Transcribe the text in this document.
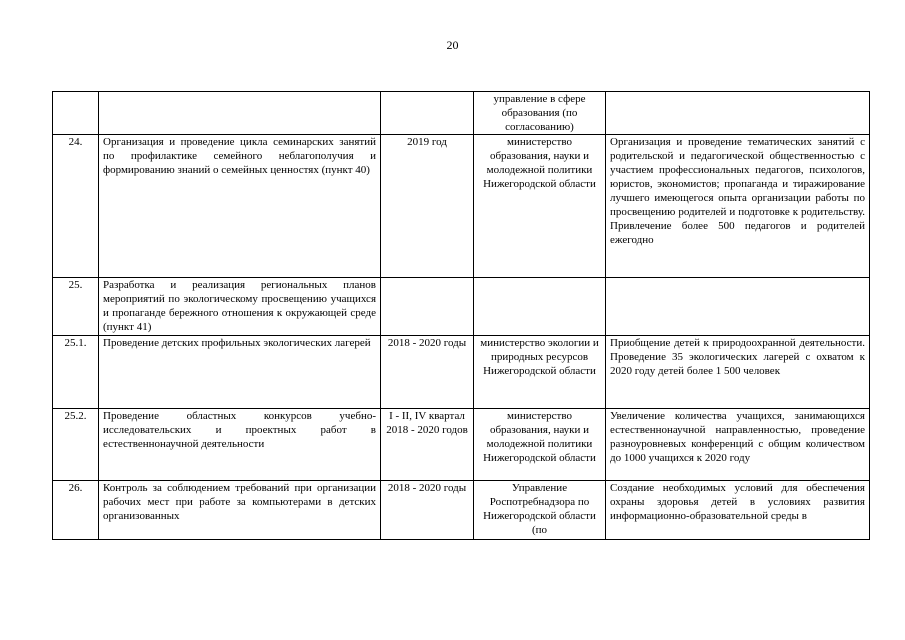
20
			управление в сфере образования (по согласованию)	
24.	Организация и проведение цикла семинарских занятий по профилактике семейного неблагополучия и формированию знаний о семейных ценностях (пункт 40)	2019 год	министерство образования, науки и молодежной политики Нижегородской области	Организация и проведение тематических занятий с родительской и педагогической общественностью с участием профессиональных педагогов, психологов, юристов, экономистов; пропаганда и тиражирование лучшего имеющегося опыта организации работы по просвещению родителей и подготовке к родительству. Привлечение более 500 педагогов и родителей ежегодно
25.	Разработка и реализация региональных планов мероприятий по экологическому просвещению учащихся и пропаганде бережного отношения к окружающей среде (пункт 41)			
25.1.	Проведение детских профильных экологических лагерей	2018 - 2020 годы	министерство экологии и природных ресурсов Нижегородской области	Приобщение детей к природоохранной деятельности. Проведение 35 экологических лагерей с охватом к 2020 году детей более 1 500 человек
25.2.	Проведение областных конкурсов учебно-исследовательских и проектных работ в естественнонаучной деятельности	I - II, IV квартал 2018 - 2020 годов	министерство образования, науки и молодежной политики Нижегородской области	Увеличение количества учащихся, занимающихся естественнонаучной направленностью, проведение разноуровневых конференций с общим количеством до 1000 учащихся к 2020 году
26.	Контроль за соблюдением требований при организации рабочих мест при работе за компьютерами в детских организованных	2018 - 2020 годы	Управление Роспотребнадзора по Нижегородской области (по	Создание необходимых условий для обеспечения охраны здоровья детей в условиях развития информационно-образовательной среды в
